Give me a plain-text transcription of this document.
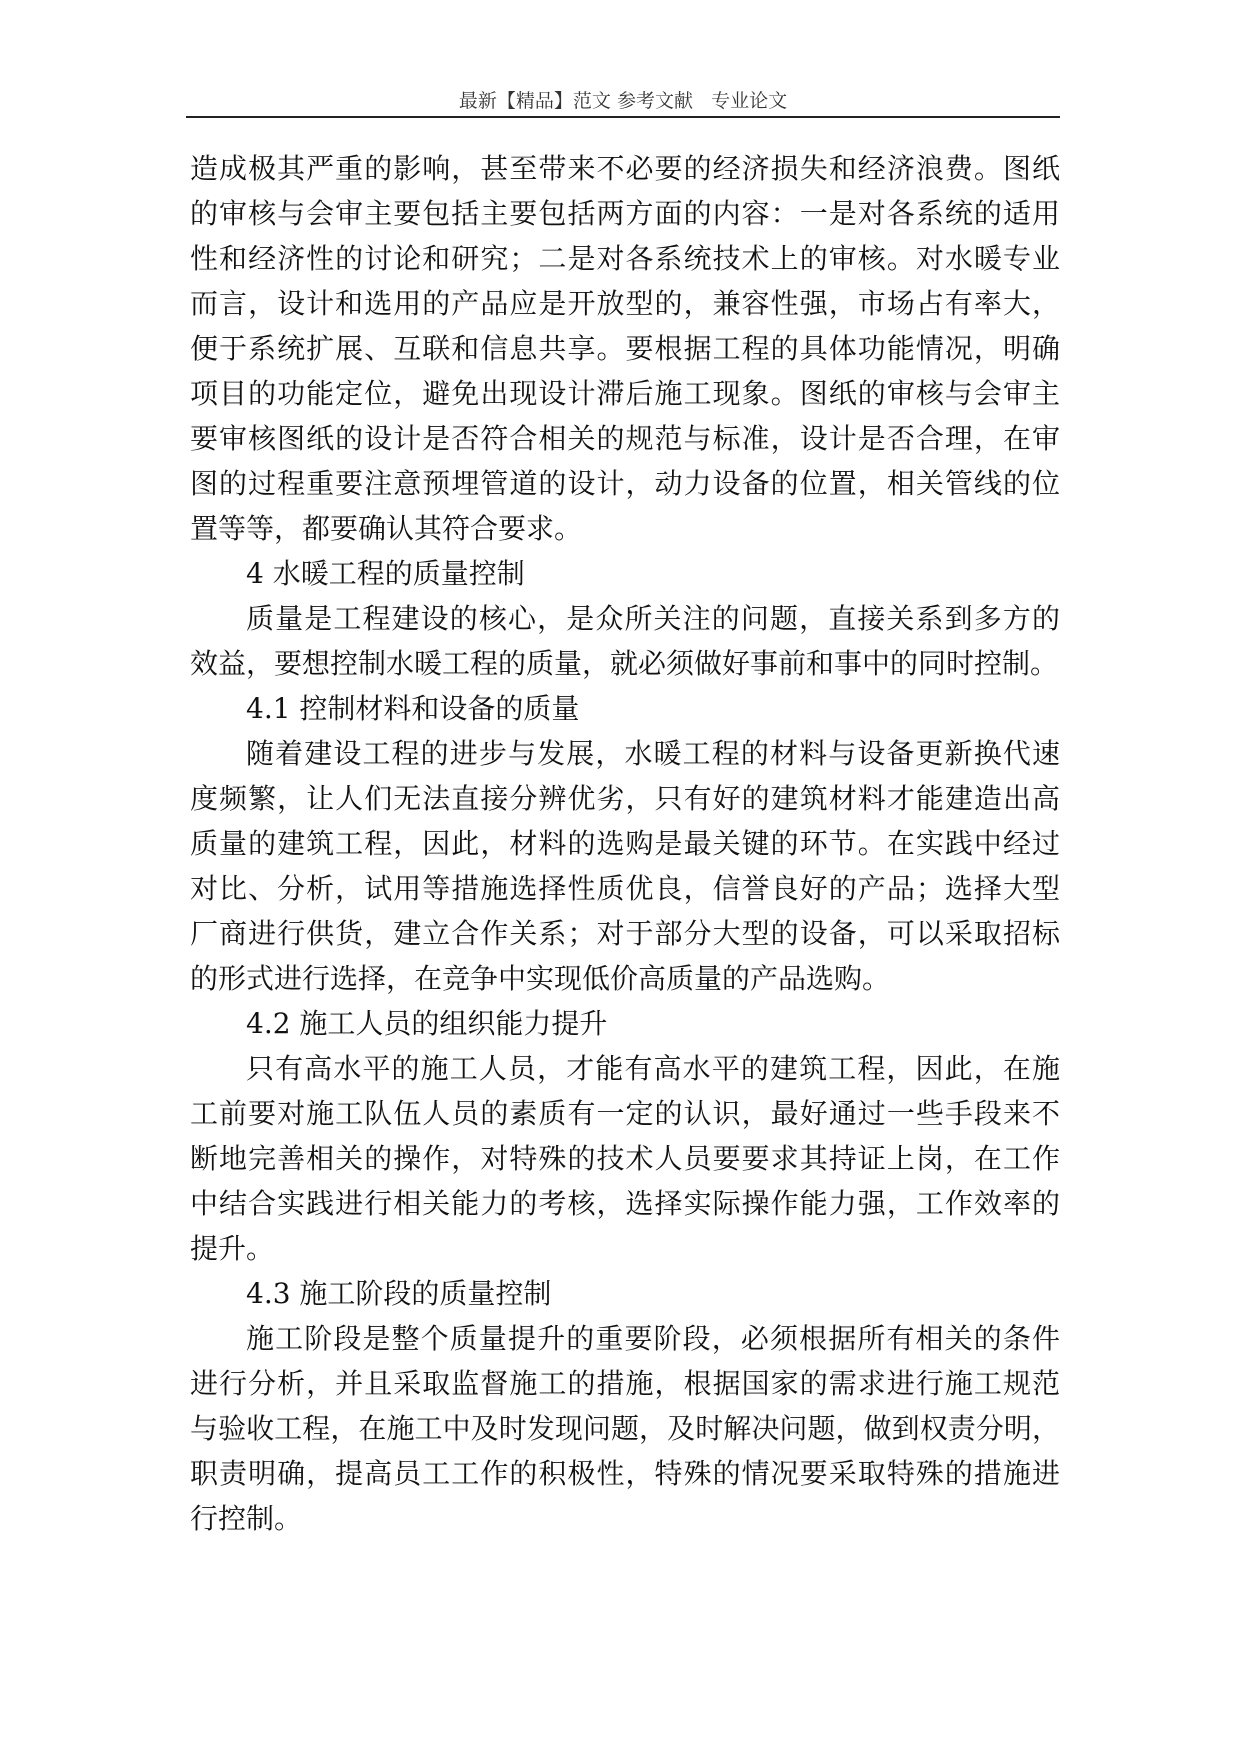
最新【精品】范文 参考文献   专业论文
造成极其严重的影响，甚至带来不必要的经济损失和经济浪费。图纸
的审核与会审主要包括主要包括两方面的内容：一是对各系统的适用
性和经济性的讨论和研究；二是对各系统技术上的审核。对水暖专业
而言，设计和选用的产品应是开放型的，兼容性强，市场占有率大，
便于系统扩展、互联和信息共享。要根据工程的具体功能情况，明确
项目的功能定位，避免出现设计滞后施工现象。图纸的审核与会审主
要审核图纸的设计是否符合相关的规范与标准，设计是否合理，在审
图的过程重要注意预埋管道的设计，动力设备的位置，相关管线的位
置等等，都要确认其符合要求。
4 水暖工程的质量控制
质量是工程建设的核心，是众所关注的问题，直接关系到多方的
效益，要想控制水暖工程的质量，就必须做好事前和事中的同时控制。
4.1 控制材料和设备的质量
随着建设工程的进步与发展，水暖工程的材料与设备更新换代速
度频繁，让人们无法直接分辨优劣，只有好的建筑材料才能建造出高
质量的建筑工程，因此，材料的选购是最关键的环节。在实践中经过
对比、分析，试用等措施选择性质优良，信誉良好的产品；选择大型
厂商进行供货，建立合作关系；对于部分大型的设备，可以采取招标
的形式进行选择，在竞争中实现低价高质量的产品选购。
4.2 施工人员的组织能力提升
只有高水平的施工人员，才能有高水平的建筑工程，因此，在施
工前要对施工队伍人员的素质有一定的认识，最好通过一些手段来不
断地完善相关的操作，对特殊的技术人员要要求其持证上岗，在工作
中结合实践进行相关能力的考核，选择实际操作能力强，工作效率的
提升。
4.3 施工阶段的质量控制
施工阶段是整个质量提升的重要阶段，必须根据所有相关的条件
进行分析，并且采取监督施工的措施，根据国家的需求进行施工规范
与验收工程，在施工中及时发现问题，及时解决问题，做到权责分明，
职责明确，提高员工工作的积极性，特殊的情况要采取特殊的措施进
行控制。
